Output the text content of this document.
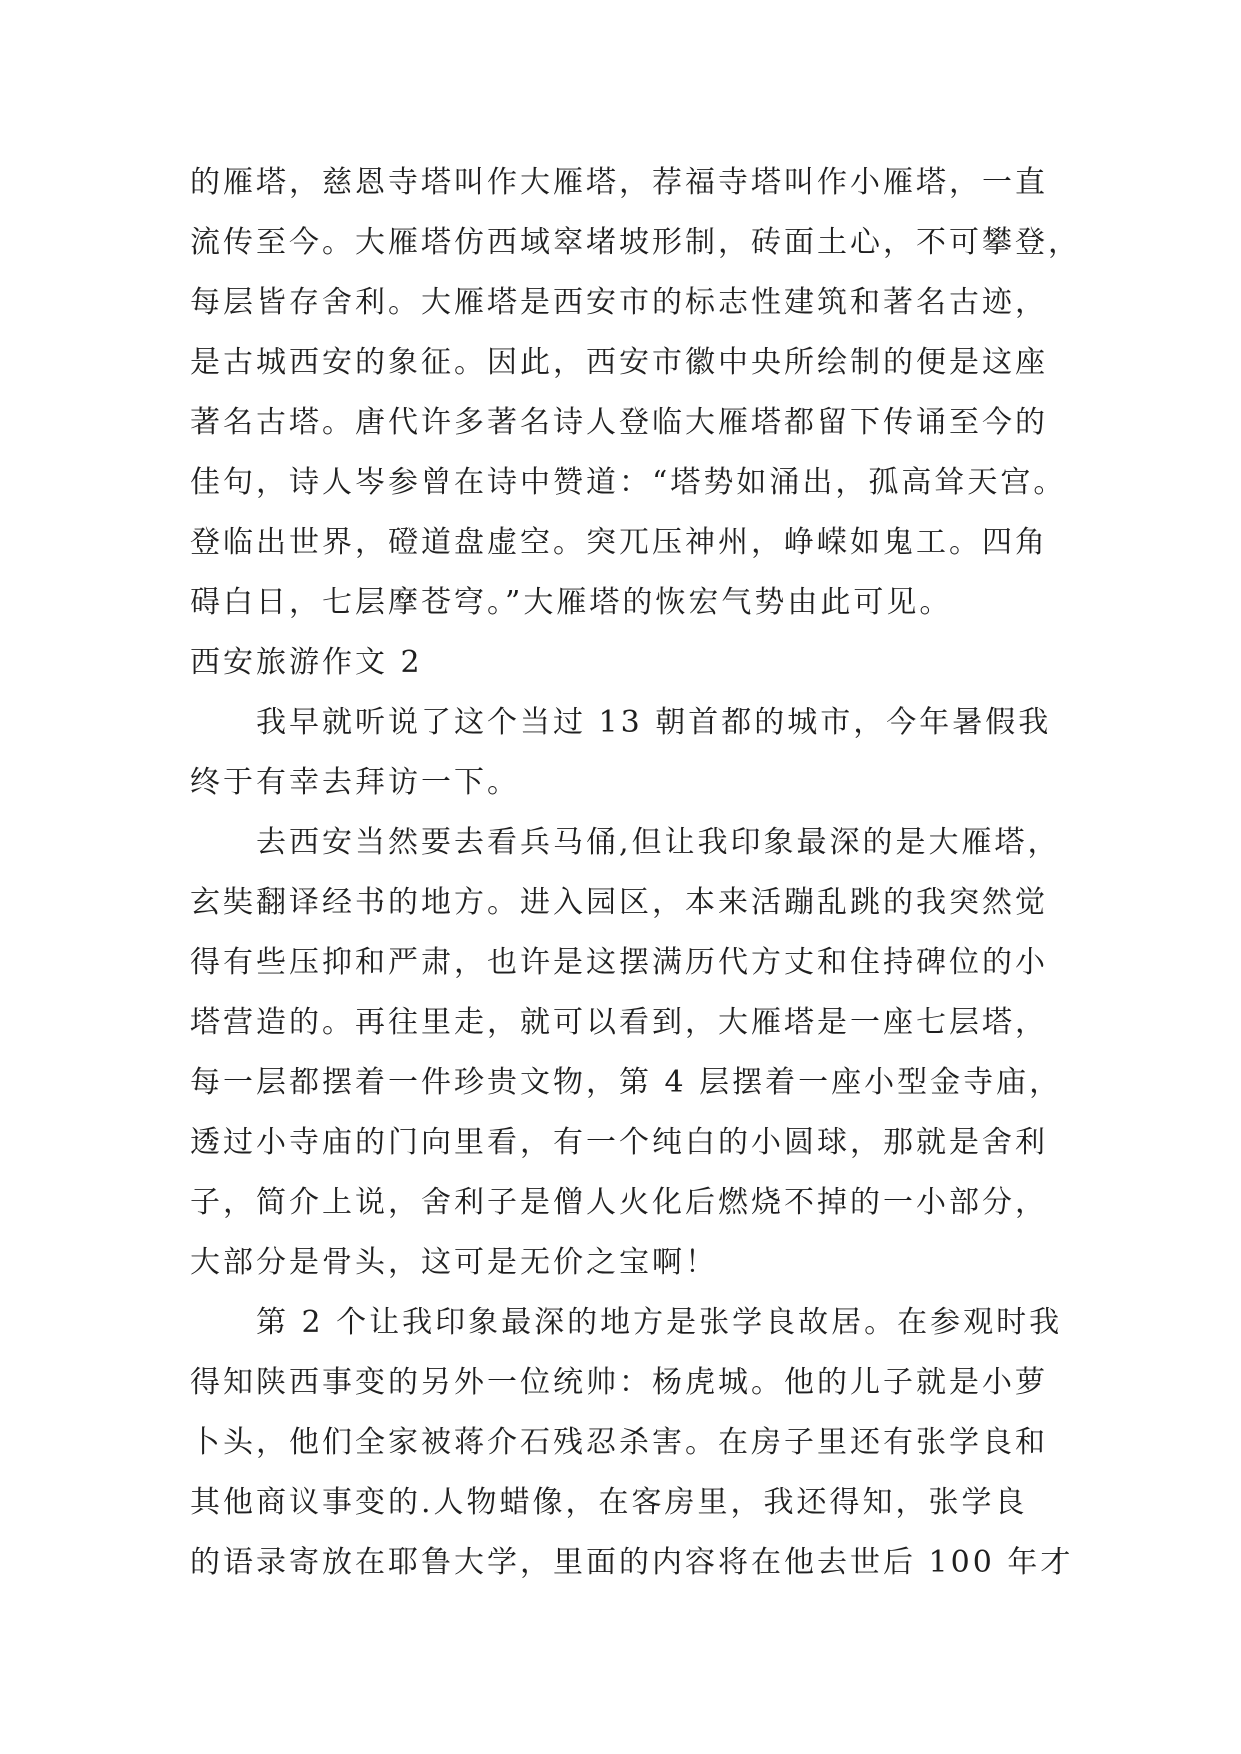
的雁塔，慈恩寺塔叫作大雁塔，荐福寺塔叫作小雁塔，一直
流传至今。大雁塔仿西域窣堵坡形制，砖面土心，不可攀登，
每层皆存舍利。大雁塔是西安市的标志性建筑和著名古迹，
是古城西安的象征。因此，西安市徽中央所绘制的便是这座
著名古塔。唐代许多著名诗人登临大雁塔都留下传诵至今的
佳句，诗人岑参曾在诗中赞道：“塔势如涌出，孤高耸天宫。
登临出世界，磴道盘虚空。突兀压神州，峥嵘如鬼工。四角
碍白日，七层摩苍穹。”大雁塔的恢宏气势由此可见。
西安旅游作文 2
我早就听说了这个当过 13 朝首都的城市，今年暑假我
终于有幸去拜访一下。
去西安当然要去看兵马俑,但让我印象最深的是大雁塔，
玄奘翻译经书的地方。进入园区，本来活蹦乱跳的我突然觉
得有些压抑和严肃，也许是这摆满历代方丈和住持碑位的小
塔营造的。再往里走，就可以看到，大雁塔是一座七层塔，
每一层都摆着一件珍贵文物，第 4 层摆着一座小型金寺庙，
透过小寺庙的门向里看，有一个纯白的小圆球，那就是舍利
子，简介上说，舍利子是僧人火化后燃烧不掉的一小部分，
大部分是骨头，这可是无价之宝啊！
第 2 个让我印象最深的地方是张学良故居。在参观时我
得知陕西事变的另外一位统帅：杨虎城。他的儿子就是小萝
卜头，他们全家被蒋介石残忍杀害。在房子里还有张学良和
其他商议事变的.人物蜡像，在客房里，我还得知，张学良
的语录寄放在耶鲁大学，里面的内容将在他去世后 100 年才
